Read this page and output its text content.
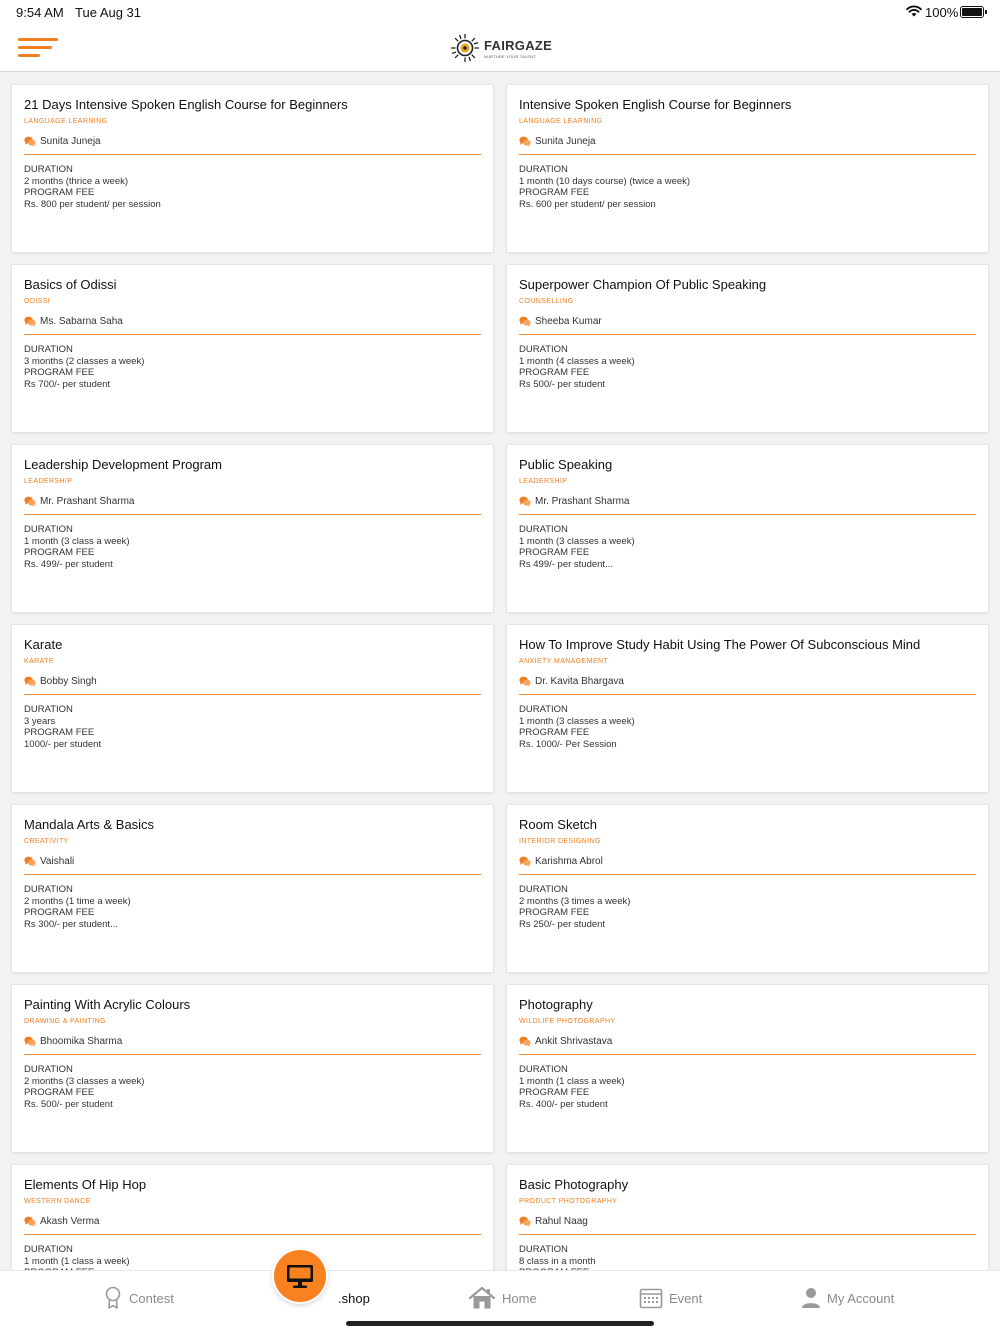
9:54 AM Tue Aug 31	100%
FAIRGAZE
NURTURE YOUR TALENT
21 Days Intensive Spoken English Course for Beginners
LANGUAGE LEARNING
Sunita Juneja
DURATION
2 months (thrice a week)
PROGRAM FEE
Rs. 800 per student/ per session
Intensive Spoken English Course for Beginners
LANGUAGE LEARNING
Sunita Juneja
DURATION
1 month (10 days course) (twice a week)
PROGRAM FEE
Rs. 600 per student/ per session
Basics of Odissi
ODISSI
Ms. Sabarna Saha
DURATION
3 months (2 classes a week)
PROGRAM FEE
Rs 700/- per student
Superpower Champion Of Public Speaking
COUNSELLING
Sheeba Kumar
DURATION
1 month (4 classes a week)
PROGRAM FEE
Rs 500/- per student
Leadership Development Program
LEADERSHIP
Mr. Prashant Sharma
DURATION
1 month (3 class a week)
PROGRAM FEE
Rs. 499/- per student
Public Speaking
LEADERSHIP
Mr. Prashant Sharma
DURATION
1 month (3 classes a week)
PROGRAM FEE
Rs 499/- per student...
Karate
KARATE
Bobby Singh
DURATION
3 years
PROGRAM FEE
1000/- per student
How To Improve Study Habit Using The Power Of Subconscious Mind
ANXIETY MANAGEMENT
Dr. Kavita Bhargava
DURATION
1 month (3 classes a week)
PROGRAM FEE
Rs. 1000/- Per Session
Mandala Arts & Basics
CREATIVITY
Vaishali
DURATION
2 months (1 time a week)
PROGRAM FEE
Rs 300/- per student...
Room Sketch
INTERIOR DESIGNING
Karishma Abrol
DURATION
2 months (3 times a week)
PROGRAM FEE
Rs 250/- per student
Painting With Acrylic Colours
DRAWING & PAINTING
Bhoomika Sharma
DURATION
2 months (3 classes a week)
PROGRAM FEE
Rs. 500/- per student
Photography
WILDLIFE PHOTOGRAPHY
Ankit Shrivastava
DURATION
1 month (1 class a week)
PROGRAM FEE
Rs. 400/- per student
Elements Of Hip Hop
WESTERN DANCE
Akash Verma
DURATION
1 month (1 class a week)
Basic Photography
PRODUCT PHOTOGRAPHY
Rahul Naag
DURATION
8 class in a month
Contest	.shop	Home	Event	My Account
